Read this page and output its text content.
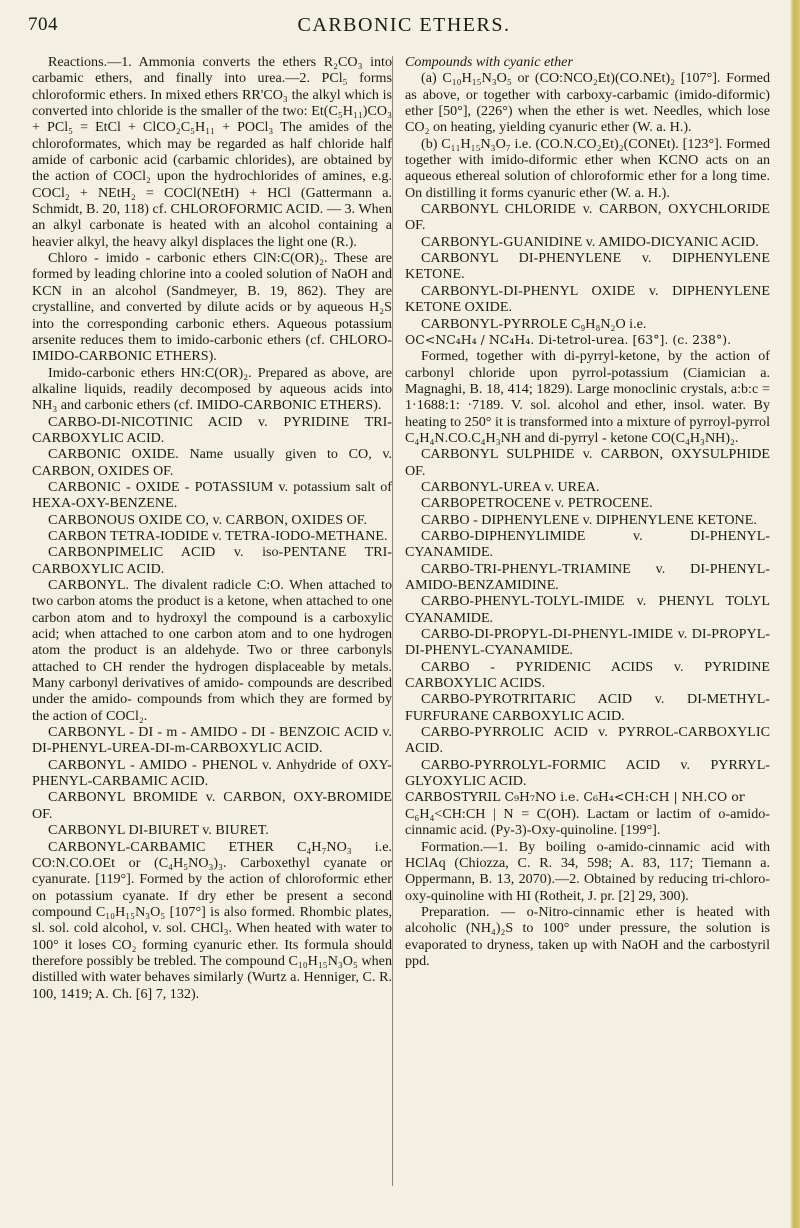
704	CARBONIC ETHERS.

Reactions.—1. Ammonia converts the ethers R₂CO₃ into carbamic ethers, and finally into urea.—2. PCl₅ forms chloroformic ethers. In mixed ethers RR'CO₃ the alkyl which is converted into chloride is the smaller of the two: Et(C₅H₁₁)CO₃ + PCl₅ = EtCl + ClCO₂C₅H₁₁ + POCl₃ The amides of the chloroformates, which may be regarded as half chloride half amide of carbonic acid (carbamic chlorides), are obtained by the action of COCl₂ upon the hydrochlorides of amines, e.g. COCl₂ + NEtH₂ = COCl(NEtH) + HCl (Gattermann a. Schmidt, B. 20, 118) cf. CHLOROFORMIC ACID. — 3. When an alkyl carbonate is heated with an alcohol containing a heavier alkyl, the heavy alkyl displaces the light one (R.).

Chloro - imido - carbonic ethers ClN:C(OR)₂. These are formed by leading chlorine into a cooled solution of NaOH and KCN in an alcohol (Sandmeyer, B. 19, 862). They are crystalline, and converted by dilute acids or by aqueous H₂S into the corresponding carbonic ethers. Aqueous potassium arsenite reduces them to imido-carbonic ethers (cf. CHLORO-IMIDO-CARBONIC ETHERS).

Imido-carbonic ethers HN:C(OR)₂. Prepared as above, are alkaline liquids, readily decomposed by aqueous acids into NH₃ and carbonic ethers (cf. IMIDO-CARBONIC ETHERS).

CARBO-DI-NICOTINIC ACID v. PYRIDINE TRI-CARBOXYLIC ACID.

CARBONIC OXIDE. Name usually given to CO, v. CARBON, OXIDES OF.

CARBONIC - OXIDE - POTASSIUM v. potassium salt of HEXA-OXY-BENZENE.

CARBONOUS OXIDE CO, v. CARBON, OXIDES OF.

CARBON TETRA-IODIDE v. TETRA-IODO-METHANE.

CARBONPIMELIC ACID v. iso-PENTANE TRI-CARBOXYLIC ACID.

CARBONYL. The divalent radicle C:O. When attached to two carbon atoms the product is a ketone, when attached to one carbon atom and to hydroxyl the compound is a carboxylic acid; when attached to one carbon atom and to one hydrogen atom the product is an aldehyde. Two or three carbonyls attached to CH render the hydrogen displaceable by metals. Many carbonyl derivatives of amido- compounds are described under the amido- compounds from which they are formed by the action of COCl₂.

CARBONYL - DI - m - AMIDO - DI - BENZOIC ACID v. DI-PHENYL-UREA-DI-m-CARBOXYLIC ACID.

CARBONYL - AMIDO - PHENOL v. Anhydride of OXY-PHENYL-CARBAMIC ACID.

CARBONYL BROMIDE v. CARBON, OXY-BROMIDE OF.

CARBONYL DI-BIURET v. BIURET.

CARBONYL-CARBAMIC ETHER C₄H₇NO₃ i.e. CO:N.CO.OEt or (C₄H₅NO₃)₃. Carboxethyl cyanate or cyanurate. [119°]. Formed by the action of chloroformic ether on potassium cyanate. If dry ether be present a second compound C₁₀H₁₅N₃O₅ [107°] is also formed. Rhombic plates, sl. sol. cold alcohol, v. sol. CHCl₃. When heated with water to 100° it loses CO₂ forming cyanuric ether. Its formula should therefore possibly be trebled. The compound C₁₀H₁₅N₃O₅ when distilled with water behaves similarly (Wurtz a. Henniger, C. R. 100, 1419; A. Ch. [6] 7, 132).

Compounds with cyanic ether

(a) C₁₀H₁₅N₃O₅ or (CO:NCO₂Et)(CO.NEt)₂ [107°]. Formed as above, or together with carboxy-carbamic (imido-diformic) ether [50°], (226°) when the ether is wet. Needles, which lose CO₂ on heating, yielding cyanuric ether (W. a. H.).

(b) C₁₁H₁₅N₃O₇ i.e. (CO.N.CO₂Et)₂(CONEt). [123°]. Formed together with imido-diformic ether when KCNO acts on an aqueous ethereal solution of chloroformic ether for a long time. On distilling it forms cyanuric ether (W. a. H.).

CARBONYL CHLORIDE v. CARBON, OXYCHLORIDE OF.

CARBONYL-GUANIDINE v. AMIDO-DICYANIC ACID.

CARBONYL DI-PHENYLENE v. DIPHENYLENE KETONE.

CARBONYL-DI-PHENYL OXIDE v. DIPHENYLENE KETONE OXIDE.

CARBONYL-PYRROLE C₉H₈N₂O i.e.

OC<NC₄H₄ / NC₄H₄. Di-tetrol-urea. [63°]. (c. 238°).

Formed, together with di-pyrryl-ketone, by the action of carbonyl chloride upon pyrrol-potassium (Ciamician a. Magnaghi, B. 18, 414; 1829). Large monoclinic crystals, a:b:c = 1·1688:1: ·7189. V. sol. alcohol and ether, insol. water. By heating to 250° it is transformed into a mixture of pyrroyl-pyrrol C₄H₄N.CO.C₄H₃NH and di-pyrryl - ketone CO(C₄H₃NH)₂.

CARBONYL SULPHIDE v. CARBON, OXYSULPHIDE OF.

CARBONYL-UREA v. UREA.

CARBOPETROCENE v. PETROCENE.

CARBO - DIPHENYLENE v. DIPHENYLENE KETONE.

CARBO-DIPHENYLIMIDE v. DI-PHENYL-CYANAMIDE.

CARBO-TRI-PHENYL-TRIAMINE v. DI-PHENYL-AMIDO-BENZAMIDINE.

CARBO-PHENYL-TOLYL-IMIDE v. PHENYL TOLYL CYANAMIDE.

CARBO-DI-PROPYL-DI-PHENYL-IMIDE v. DI-PROPYL-DI-PHENYL-CYANAMIDE.

CARBO - PYRIDENIC ACIDS v. PYRIDINE CARBOXYLIC ACIDS.

CARBO-PYROTRITARIC ACID v. DI-METHYL-FURFURANE CARBOXYLIC ACID.

CARBO-PYRROLIC ACID v. PYRROL-CARBOXYLIC ACID.

CARBO-PYRROLYL-FORMIC ACID v. PYRRYL-GLYOXYLIC ACID.

CARBOSTYRIL C₉H₇NO i.e. C₆H₄<CH:CH | NH.CO or

C₆H₄<CH:CH | N = C(OH). Lactam or lactim of o-amido-cinnamic acid. (Py-3)-Oxy-quinoline. [199°].

Formation.—1. By boiling o-amido-cinnamic acid with HClAq (Chiozza, C. R. 34, 598; A. 83, 117; Tiemann a. Oppermann, B. 13, 2070).—2. Obtained by reducing tri-chloro-oxy-quinoline with HI (Rotheit, J. pr. [2] 29, 300).

Preparation. — o-Nitro-cinnamic ether is heated with alcoholic (NH₄)₂S to 100° under pressure, the solution is evaporated to dryness, taken up with NaOH and the carbostyril ppd.
